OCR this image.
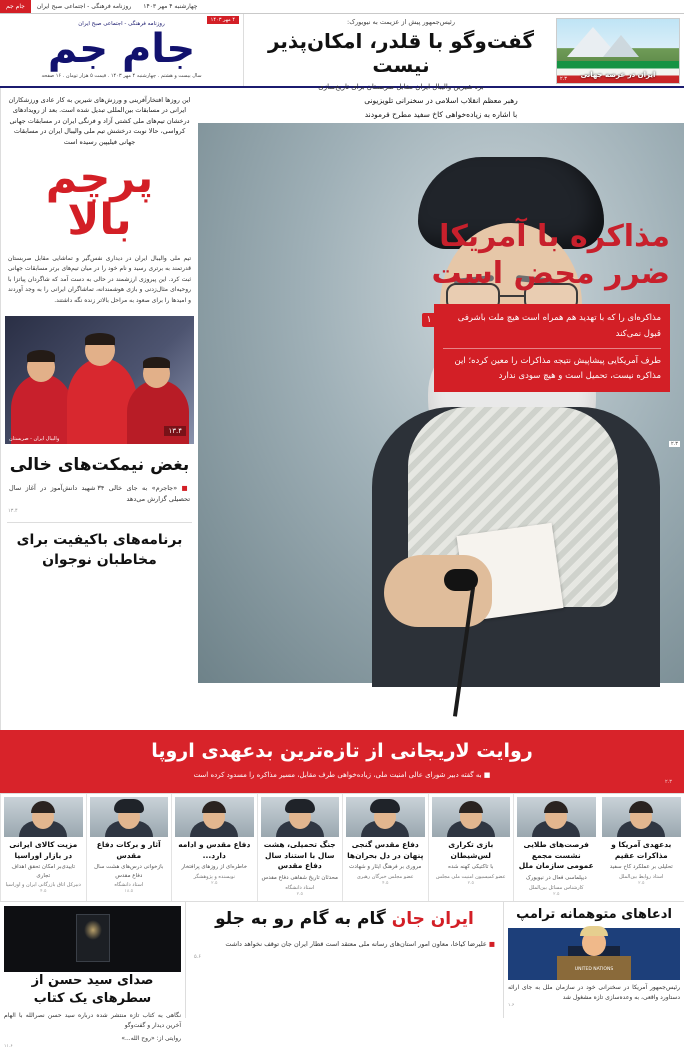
جام جم	روزنامه فرهنگی - اجتماعی صبح ایران	چهارشنبه ۴ مهر ۱۴۰۳
ایران در عرصه جهانی
۲.۳
رئیس‌جمهور پیش از عزیمت به نیویورک:
گفت‌وگو با قلدر، امکان‌پذیر نیست
برد شیرین والیبال ایران مقابل صربستان برای تاریخ‌سازی
۴ مهر ۱۴۰۳
روزنامه فرهنگی - اجتماعی صبح ایران
جام جم
سال بیست و هشتم . چهارشنبه ۴ مهر ۱۴۰۳ . قیمت ۵ هزار تومان . ۱۶ صفحه
رهبر معظم انقلاب اسلامی در سخنرانی تلویزیونی
با اشاره به زیاده‌خواهی کاخ سفید مطرح فرمودند
مذاکره با آمریکا
ضرر محض است
مذاکره‌ای را که با تهدید هم همراه است هیچ ملت باشرفی قبول نمی‌کند
طرف آمریکایی پیشاپیش نتیجه مذاکرات را معین کرده؛ این مذاکره نیست، تحمیل است و هیچ سودی ندارد
۱
۲.۳
این روزها افتخارآفرینی و ورزش‌های شیرین به کار عادی ورزشکاران ایرانی در مسابقات بین‌المللی تبدیل شده است. بعد از رویدادهای درخشان تیم‌های ملی کشتی آزاد و فرنگی ایران در مسابقات جهانی کرواسی، حالا نوبت درخشش تیم ملی والیبال ایران در مسابقات جهانی فیلیپین رسیده است
پرچم
بالا
تیم ملی والیبال ایران در دیداری نفس‌گیر و تماشایی مقابل صربستان قدرتمند به برتری رسید و نام خود را در میان تیم‌های برتر مسابقات جهانی ثبت کرد. این پیروزی ارزشمند در حالی به دست آمد که شاگردان پیاتزا با روحیه‌ای مثال‌زدنی و بازی هوشمندانه، تماشاگران ایرانی را به وجد آوردند و امیدها را برای صعود به مراحل بالاتر زنده نگه داشتند.
والیبال ایران - صربستان
۱۳.۴
بغض نیمکت‌های خالی
■ «جاجرم» به جای خالی ۳۴ شهید دانش‌آموز در آغاز سال تحصیلی گزارش می‌دهد
۱۳.۴
برنامه‌های باکیفیت برای مخاطبان نوجوان
روایت لاریجانی از تازه‌ترین بدعهدی اروپا
■ به گفته دبیر شورای عالی امنیت ملی، زیاده‌خواهی طرف مقابل، مسیر مذاکره را مسدود کرده است
۲.۳
مزیت کالای ایرانی در بازار اوراسیا
تاییدی‌بر امکان تحقق اهداف تجاری
دبیرکل اتاق بازرگانی ایران و اوراسیا
۴.۵
آثار و برکات دفاع مقدس
بازخوانی درس‌های هشت سال دفاع مقدس
استاد دانشگاه
۱۸.۵
دفاع مقدس و ادامه دارد...
خاطره‌ای از روزهای پرافتخار
نویسنده و پژوهشگر
۲.۵
جنگ تحمیلی، هشت سال با استناد سال دفاع مقدس
محدثان تاریخ شفاهی دفاع مقدس
استاد دانشگاه
۲.۵
دفاع مقدس گنجی پنهان در دل بحران‌ها
مروری بر فرهنگ ایثار و شهادت
عضو مجلس خبرگان رهبری
۴.۵
بازی تکراری لس‌شیطان
با تاکتیکی کهنه شده
عضو کمیسیون امنیت ملی مجلس
۲.۵
فرصت‌های طلایی نشست مجمع عمومی سازمان ملل
دیپلماسی فعال در نیویورک
کارشناس مسائل بین‌الملل
۲.۵
بدعهدی آمریکا و مذاکرات عقیم
تحلیلی بر عملکرد کاخ سفید
استاد روابط بین‌الملل
۲.۵
ادعاهای متوهمانه ترامپ
UNITED NATIONS
رئیس‌جمهور آمریکا در سخنرانی خود در سازمان ملل به جای ارائه دستاورد واقعی، به وعده‌سازی تازه مشغول شد
۱.۶
ایران جان گام به گام رو به جلو
■ علیرضا کیاخا، معاون امور استان‌های رسانه ملی معتقد است قطار ایران جان توقف نخواهد داشت
۵.۶
صدای سید حسن از سطرهای یک کتاب
نگاهی به کتاب تازه منتشر شده درباره سید حسن نصرالله با الهام آخرین دیدار و گفت‌وگو
روایتی از: «روح الله...»
۱۱.۶
